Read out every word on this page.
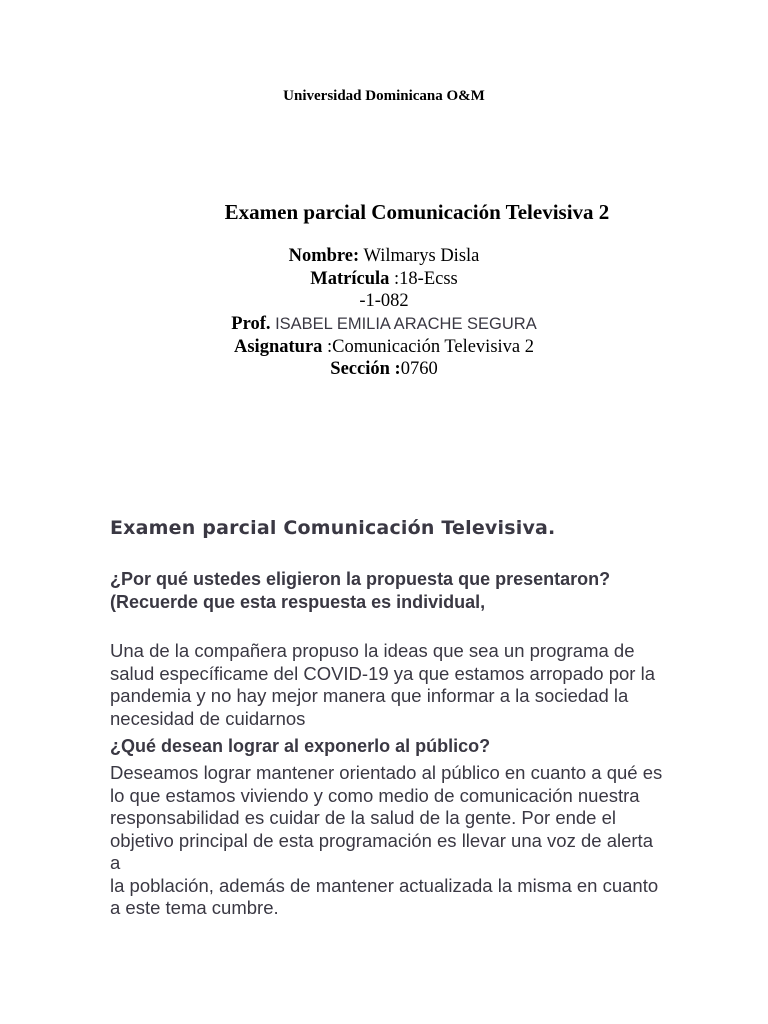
Universidad Dominicana O&M
Examen parcial Comunicación Televisiva 2
Nombre: Wilmarys Disla
Matrícula :18-Ecss
-1-082
Prof. ISABEL EMILIA ARACHE SEGURA
Asignatura :Comunicación Televisiva 2
Sección :0760
Examen parcial Comunicación Televisiva.

¿Por qué ustedes eligieron la propuesta que presentaron? (Recuerde que esta respuesta es individual,

Una de la compañera propuso la ideas que sea un programa de salud específicame del COVID-19 ya que estamos arropado por la pandemia y no hay mejor manera que informar a la sociedad la necesidad de cuidarnos

¿Qué desean lograr al exponerlo al público?

Deseamos lograr mantener orientado al público en cuanto a qué es lo que estamos viviendo y como medio de comunicación nuestra responsabilidad es cuidar de la salud de la gente. Por ende el objetivo principal de esta programación es llevar una voz de alerta a

la población, además de mantener actualizada la misma en cuanto a este tema cumbre.
